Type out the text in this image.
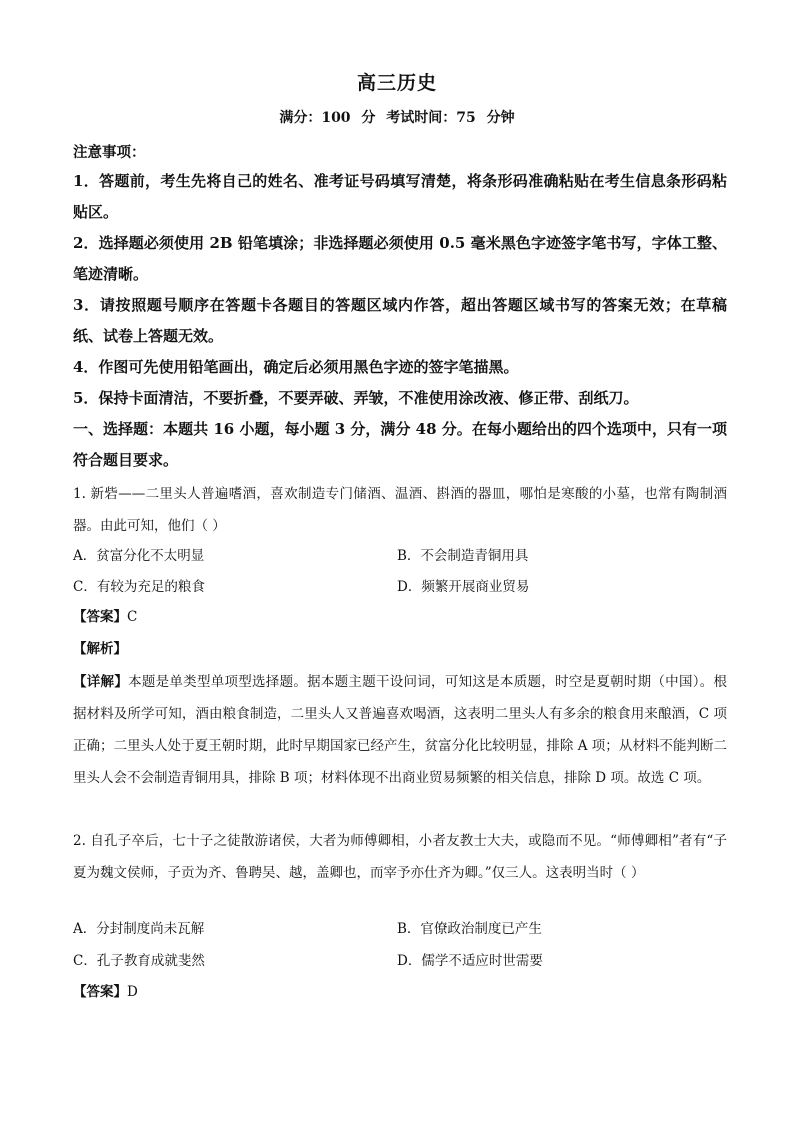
高三历史
满分：100 分 考试时间：75 分钟
注意事项：
1．答题前，考生先将自己的姓名、准考证号码填写清楚，将条形码准确粘贴在考生信息条形码粘贴区。
2．选择题必须使用 2B 铅笔填涂；非选择题必须使用 0.5 毫米黑色字迹签字笔书写，字体工整、笔迹清晰。
3．请按照题号顺序在答题卡各题目的答题区域内作答，超出答题区域书写的答案无效；在草稿纸、试卷上答题无效。
4．作图可先使用铅笔画出，确定后必须用黑色字迹的签字笔描黑。
5．保持卡面清洁，不要折叠，不要弄破、弄皱，不准使用涂改液、修正带、刮纸刀。
一、选择题：本题共 16 小题，每小题 3 分，满分 48 分。在每小题给出的四个选项中，只有一项符合题目要求。
1. 新砦——二里头人普遍嗜酒，喜欢制造专门储酒、温酒、斟酒的器皿，哪怕是寒酸的小墓，也常有陶制酒器。由此可知，他们（ ）
A．贫富分化不太明显	B．不会制造青铜用具
C．有较为充足的粮食	D．频繁开展商业贸易
【答案】C
【解析】
【详解】本题是单类型单项型选择题。据本题主题干设问词，可知这是本质题，时空是夏朝时期（中国）。根据材料及所学可知，酒由粮食制造，二里头人又普遍喜欢喝酒，这表明二里头人有多余的粮食用来酿酒，C 项正确；二里头人处于夏王朝时期，此时早期国家已经产生，贫富分化比较明显，排除 A 项；从材料不能判断二里头人会不会制造青铜用具，排除 B 项；材料体现不出商业贸易频繁的相关信息，排除 D 项。故选 C 项。
2. 自孔子卒后，七十子之徒散游诸侯，大者为师傅卿相，小者友教士大夫，或隐而不见。“师傅卿相”者有“子夏为魏文侯师，子贡为齐、鲁聘吴、越，盖卿也，而宰予亦仕齐为卿。”仅三人。这表明当时（ ）
A．分封制度尚未瓦解	B．官僚政治制度已产生
C．孔子教育成就斐然	D．儒学不适应时世需要
【答案】D
